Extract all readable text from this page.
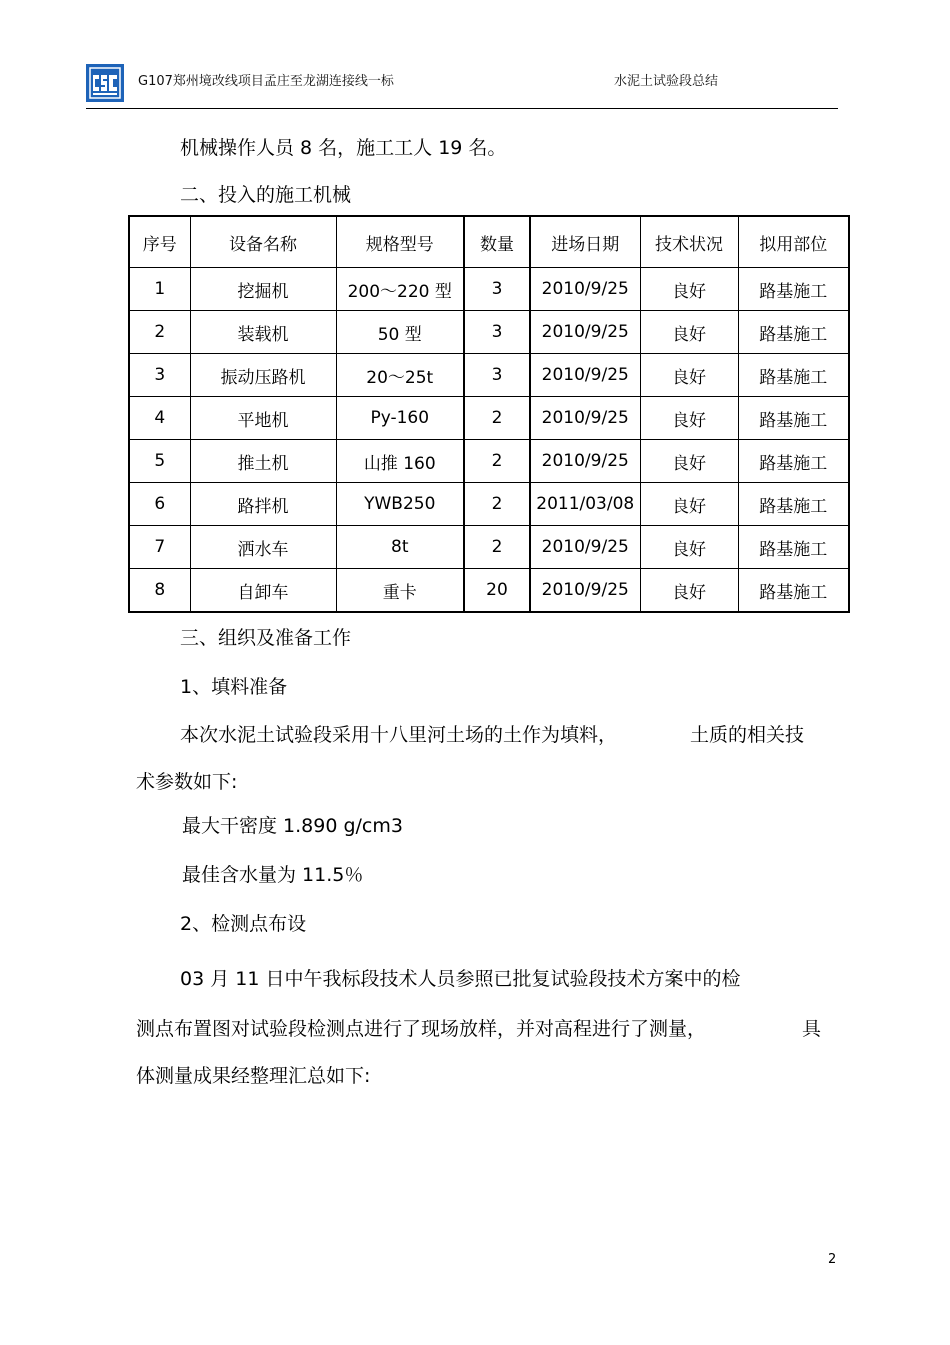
G107郑州境改线项目孟庄至龙湖连接线一标	水泥土试验段总结
机械操作人员 8 名，施工工人 19 名。
二、投入的施工机械
序号	设备名称	规格型号	数量	进场日期	技术状况	拟用部位
1	挖掘机	200～220 型	3	2010/9/25	良好	路基施工
2	装载机	50 型	3	2010/9/25	良好	路基施工
3	振动压路机	20～25t	3	2010/9/25	良好	路基施工
4	平地机	Py-160	2	2010/9/25	良好	路基施工
5	推土机	山推 160	2	2010/9/25	良好	路基施工
6	路拌机	YWB250	2	2011/03/08	良好	路基施工
7	洒水车	8t	2	2010/9/25	良好	路基施工
8	自卸车	重卡	20	2010/9/25	良好	路基施工
三、组织及准备工作
1、填料准备
本次水泥土试验段采用十八里河土场的土作为填料，	土质的相关技
术参数如下:
最大干密度 1.890 g/cm3
最佳含水量为 11.5％
2、检测点布设
03 月 11 日中午我标段技术人员参照已批复试验段技术方案中的检
测点布置图对试验段检测点进行了现场放样，并对高程进行了测量，	具
体测量成果经整理汇总如下:
2
